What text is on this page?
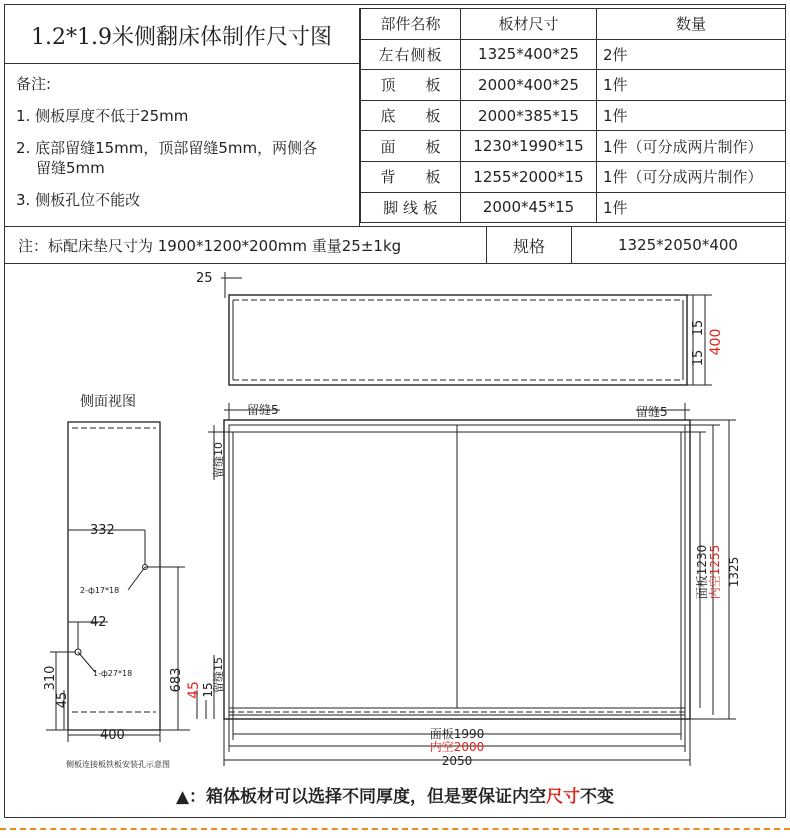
1.2*1.9米侧翻床体制作尺寸图
备注:
1. 侧板厚度不低于25mm
2. 底部留缝15mm，顶部留缝5mm，两侧各
留缝5mm
3. 侧板孔位不能改
部件名称	板材尺寸	数量
左右侧板	1325*400*25	2件
顶　　板	2000*400*25	1件
底　　板	2000*385*15	1件
面　　板	1230*1990*15	1件（可分成两片制作）
背　　板	1255*2000*15	1件（可分成两片制作）
脚 线 板	2000*45*15	1件
注：标配床垫尺寸为 1900*1200*200mm 重量25±1kg	规格	1325*2050*400
25
15
15
400
侧面视图
332
2-ф17*18
42
1-ф27*18
310
45
683
400
侧板连接板铁板安装孔示意图
留缝5	留缝5
留缝10
留缝15
15
45
面板1230 内空1255 1325
面板1990
内空2000
2050
▲：箱体板材可以选择不同厚度，但是要保证内空尺寸不变
